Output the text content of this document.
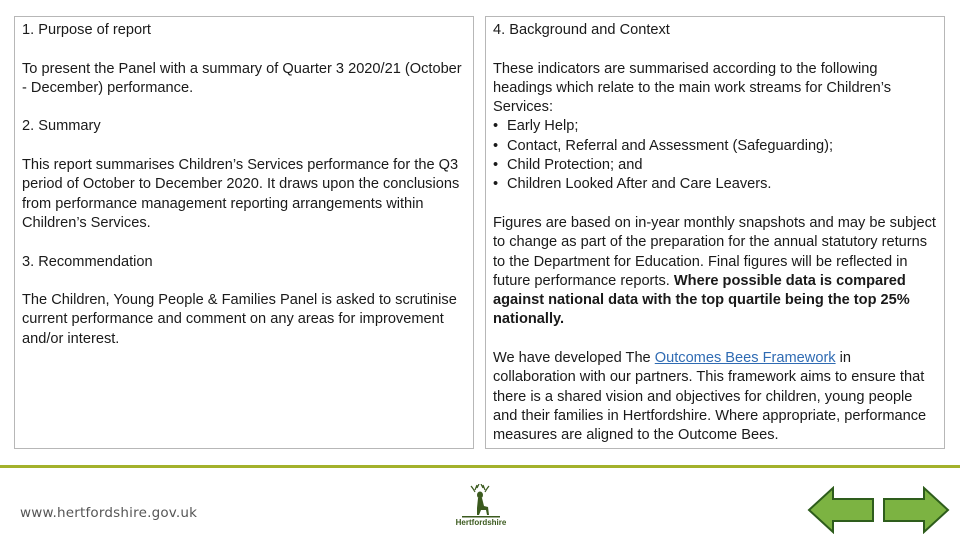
1. Purpose of report

To present the Panel with a summary of Quarter 3 2020/21 (October - December) performance.

2. Summary

This report summarises Children’s Services performance for the Q3 period of October to December 2020. It draws upon the conclusions from performance management reporting arrangements within Children’s Services.

3. Recommendation

The Children, Young People & Families Panel is asked to scrutinise current performance and comment on any areas for improvement and/or interest.

4. Background and Context

These indicators are summarised according to the following headings which relate to the main work streams for Children’s Services:

• Early Help;
• Contact, Referral and Assessment (Safeguarding);
• Child Protection; and
• Children Looked After and Care Leavers.

Figures are based on in-year monthly snapshots and may be subject to change as part of the preparation for the annual statutory returns to the Department for Education. Final figures will be reflected in future performance reports. Where possible data is compared against national data with the top quartile being the top 25% nationally.

We have developed The Outcomes Bees Framework in collaboration with our partners. This framework aims to ensure that there is a shared vision and objectives for children, young people and their families in Hertfordshire. Where appropriate, performance measures are aligned to the Outcome Bees.

www.hertfordshire.gov.uk
Hertfordshire
